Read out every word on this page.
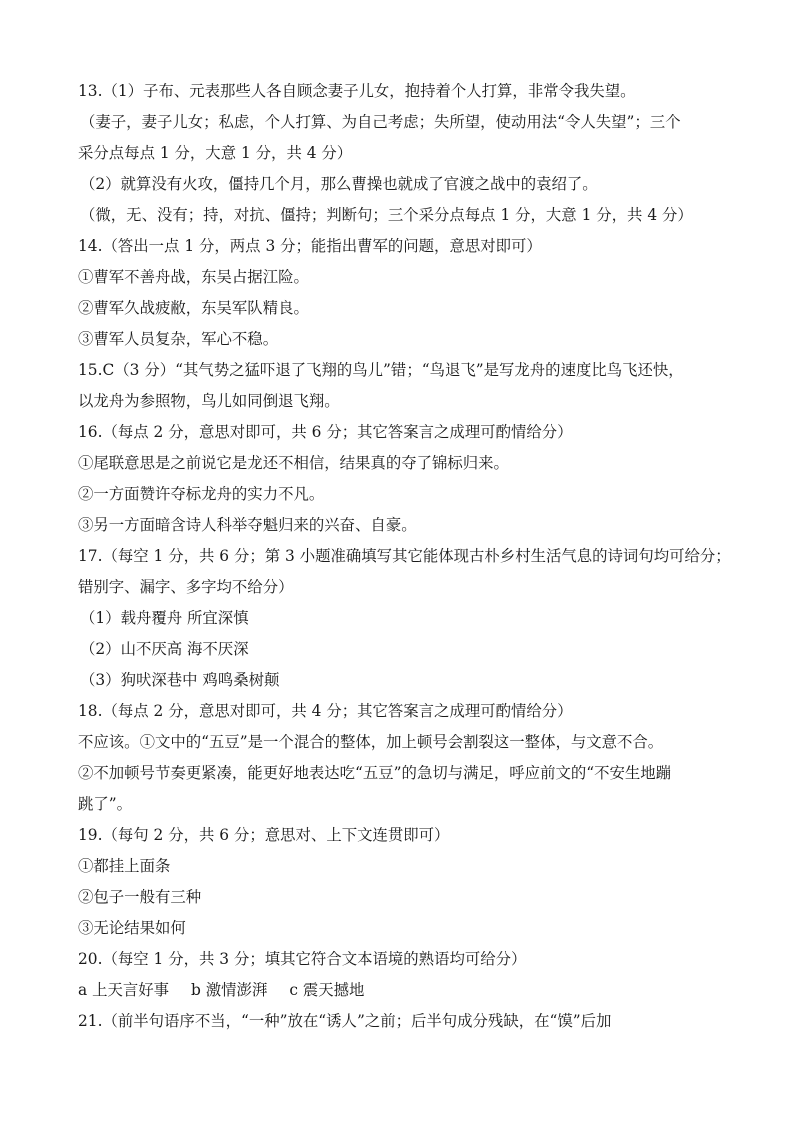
13.（1）子布、元表那些人各自顾念妻子儿女，抱持着个人打算，非常令我失望。
（妻子，妻子儿女；私虑，个人打算、为自己考虑；失所望，使动用法“令人失望”；三个
采分点每点 1 分，大意 1 分，共 4 分）
（2）就算没有火攻，僵持几个月，那么曹操也就成了官渡之战中的袁绍了。
（微，无、没有；持，对抗、僵持；判断句；三个采分点每点 1 分，大意 1 分，共 4 分）
14.（答出一点 1 分，两点 3 分；能指出曹军的问题，意思对即可）
①曹军不善舟战，东吴占据江险。
②曹军久战疲敝，东吴军队精良。
③曹军人员复杂，军心不稳。
15.C（3 分）“其气势之猛吓退了飞翔的鸟儿”错；“鸟退飞”是写龙舟的速度比鸟飞还快，
以龙舟为参照物，鸟儿如同倒退飞翔。
16.（每点 2 分，意思对即可，共 6 分；其它答案言之成理可酌情给分）
①尾联意思是之前说它是龙还不相信，结果真的夺了锦标归来。
②一方面赞许夺标龙舟的实力不凡。
③另一方面暗含诗人科举夺魁归来的兴奋、自豪。
17.（每空 1 分，共 6 分；第 3 小题准确填写其它能体现古朴乡村生活气息的诗词句均可给分；
错别字、漏字、多字均不给分）
（1）载舟覆舟 所宜深慎
（2）山不厌高 海不厌深
（3）狗吠深巷中 鸡鸣桑树颠
18.（每点 2 分，意思对即可，共 4 分；其它答案言之成理可酌情给分）
不应该。①文中的“五豆”是一个混合的整体，加上顿号会割裂这一整体，与文意不合。
②不加顿号节奏更紧凑，能更好地表达吃“五豆”的急切与满足，呼应前文的“不安生地蹦
跳了”。
19.（每句 2 分，共 6 分；意思对、上下文连贯即可）
①都挂上面条
②包子一般有三种
③无论结果如何
20.（每空 1 分，共 3 分；填其它符合文本语境的熟语均可给分）
a 上天言好事 b 激情澎湃 c 震天撼地
21.（前半句语序不当，“一种”放在“诱人”之前；后半句成分残缺，在“馍”后加
